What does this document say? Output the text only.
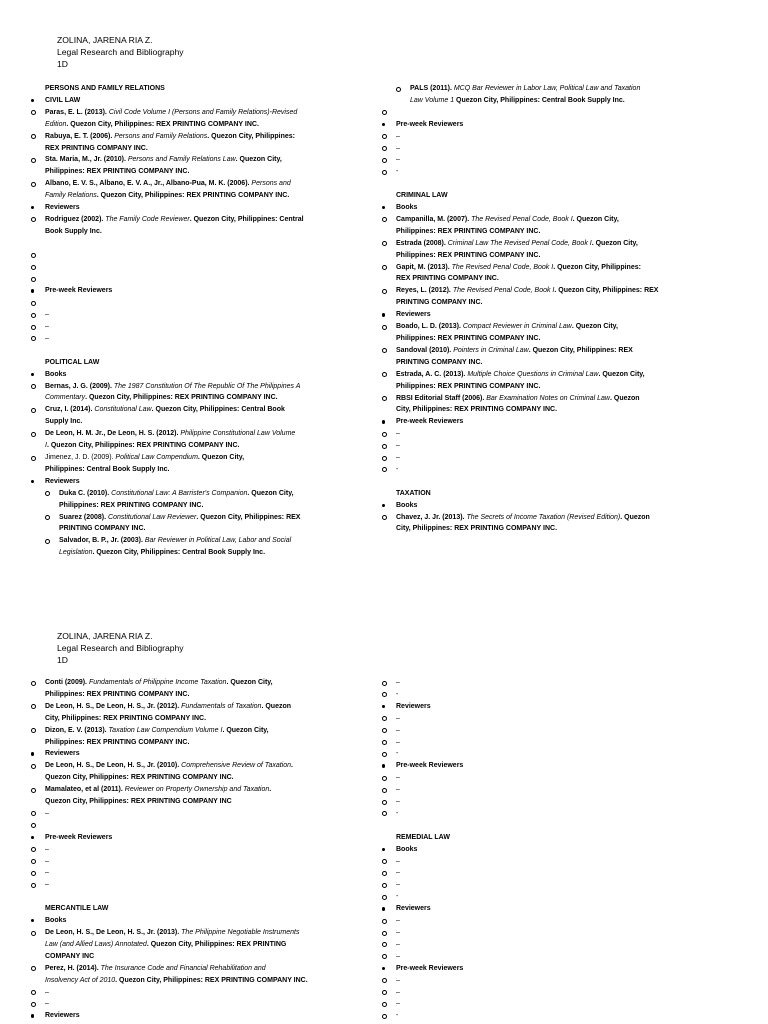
ZOLINA, JARENA RIA Z.
Legal Research and Bibliography
1D
PERSONS AND FAMILY RELATIONS
CIVIL LAW
Paras, E. L. (2013). Civil Code Volume I (Persons and Family Relations)-Revised
Edition. Quezon City, Philippines: REX PRINTING COMPANY INC.
Rabuya, E. T. (2006). Persons and Family Relations. Quezon City, Philippines:
REX PRINTING COMPANY INC.
Sta. Maria, M., Jr. (2010). Persons and Family Relations Law. Quezon City,
Philippines: REX PRINTING COMPANY INC.
Albano, E. V. S., Albano, E. V. A., Jr., Albano-Pua, M. K. (2006). Persons and
Family Relations. Quezon City, Philippines: REX PRINTING COMPANY INC.
Reviewers
Rodriguez (2002). The Family Code Reviewer. Quezon City, Philippines: Central
Book Supply Inc.
Pre-week Reviewers
–
–
–
POLITICAL LAW
Books
Bernas, J. G. (2009). The 1987 Constitution Of The Republic Of The Philippines A
Commentary. Quezon City, Philippines: REX PRINTING COMPANY INC.
Cruz, I. (2014). Constitutional Law. Quezon City, Philippines: Central Book
Supply Inc.
De Leon, H. M. Jr., De Leon, H. S. (2012). Philippine Constitutional Law Volume
I. Quezon City, Philippines: REX PRINTING COMPANY INC.
Jimenez, J. D. (2009). Political Law Compendium. Quezon City,
Philippines: Central Book Supply Inc.
Reviewers
Duka C. (2010). Constitutional Law: A Barrister's Companion. Quezon City,
Philippines: REX PRINTING COMPANY INC.
Suarez (2008). Constitutional Law Reviewer. Quezon City, Philippines: REX
PRINTING COMPANY INC.
Salvador, B. P., Jr. (2003). Bar Reviewer in Political Law, Labor and Social
Legislation. Quezon City, Philippines: Central Book Supply Inc.
PALS (2011). MCQ Bar Reviewer in Labor Law, Political Law and Taxation
Law Volume 1 Quezon City, Philippines: Central Book Supply Inc.
Pre-week Reviewers
–
–
–
-
CRIMINAL LAW
Books
Campanilla, M. (2007). The Revised Penal Code, Book I. Quezon City,
Philippines: REX PRINTING COMPANY INC.
Estrada (2008). Criminal Law The Revised Penal Code, Book I. Quezon City,
Philippines: REX PRINTING COMPANY INC.
Gapit, M. (2013). The Revised Penal Code, Book I. Quezon City, Philippines:
REX PRINTING COMPANY INC.
Reyes, L. (2012). The Revised Penal Code, Book I. Quezon City, Philippines: REX
PRINTING COMPANY INC.
Reviewers
Boado, L. D. (2013). Compact Reviewer in Criminal Law. Quezon City,
Philippines: REX PRINTING COMPANY INC.
Sandoval (2010). Pointers in Criminal Law. Quezon City, Philippines: REX
PRINTING COMPANY INC.
Estrada, A. C. (2013). Multiple Choice Questions in Criminal Law. Quezon City,
Philippines: REX PRINTING COMPANY INC.
RBSI Editorial Staff (2006). Bar Examination Notes on Criminal Law. Quezon
City, Philippines: REX PRINTING COMPANY INC.
Pre-week Reviewers
–
–
–
-
TAXATION
Books
Chavez, J. Jr. (2013). The Secrets of Income Taxation (Revised Edition). Quezon
City, Philippines: REX PRINTING COMPANY INC.
ZOLINA, JARENA RIA Z.
Legal Research and Bibliography
1D
Conti (2009). Fundamentals of Philippine Income Taxation. Quezon City,
Philippines: REX PRINTING COMPANY INC.
De Leon, H. S., De Leon, H. S., Jr. (2012). Fundamentals of Taxation. Quezon
City, Philippines: REX PRINTING COMPANY INC.
Dizon, E. V. (2013). Taxation Law Compendium Volume I. Quezon City,
Philippines: REX PRINTING COMPANY INC.
Reviewers
De Leon, H. S., De Leon, H. S., Jr. (2010). Comprehensive Review of Taxation.
Quezon City, Philippines: REX PRINTING COMPANY INC.
Mamalateo, et al (2011). Reviewer on Property Ownership and Taxation.
Quezon City, Philippines: REX PRINTING COMPANY INC
–
Pre-week Reviewers
–
–
–
–
MERCANTILE LAW
Books
De Leon, H. S., De Leon, H. S., Jr. (2013). The Philippine Negotiable Instruments
Law (and Allied Laws) Annotated. Quezon City, Philippines: REX PRINTING
COMPANY INC
Perez, H. (2014). The Insurance Code and Financial Rehabilitation and
Insolvency Act of 2010. Quezon City, Philippines: REX PRINTING COMPANY INC.
–
–
Reviewers
–
-
Reviewers
–
–
–
-
Pre-week Reviewers
–
–
–
-
REMEDIAL LAW
Books
–
–
–
-
Reviewers
–
–
–
–
Pre-week Reviewers
–
–
–
-
